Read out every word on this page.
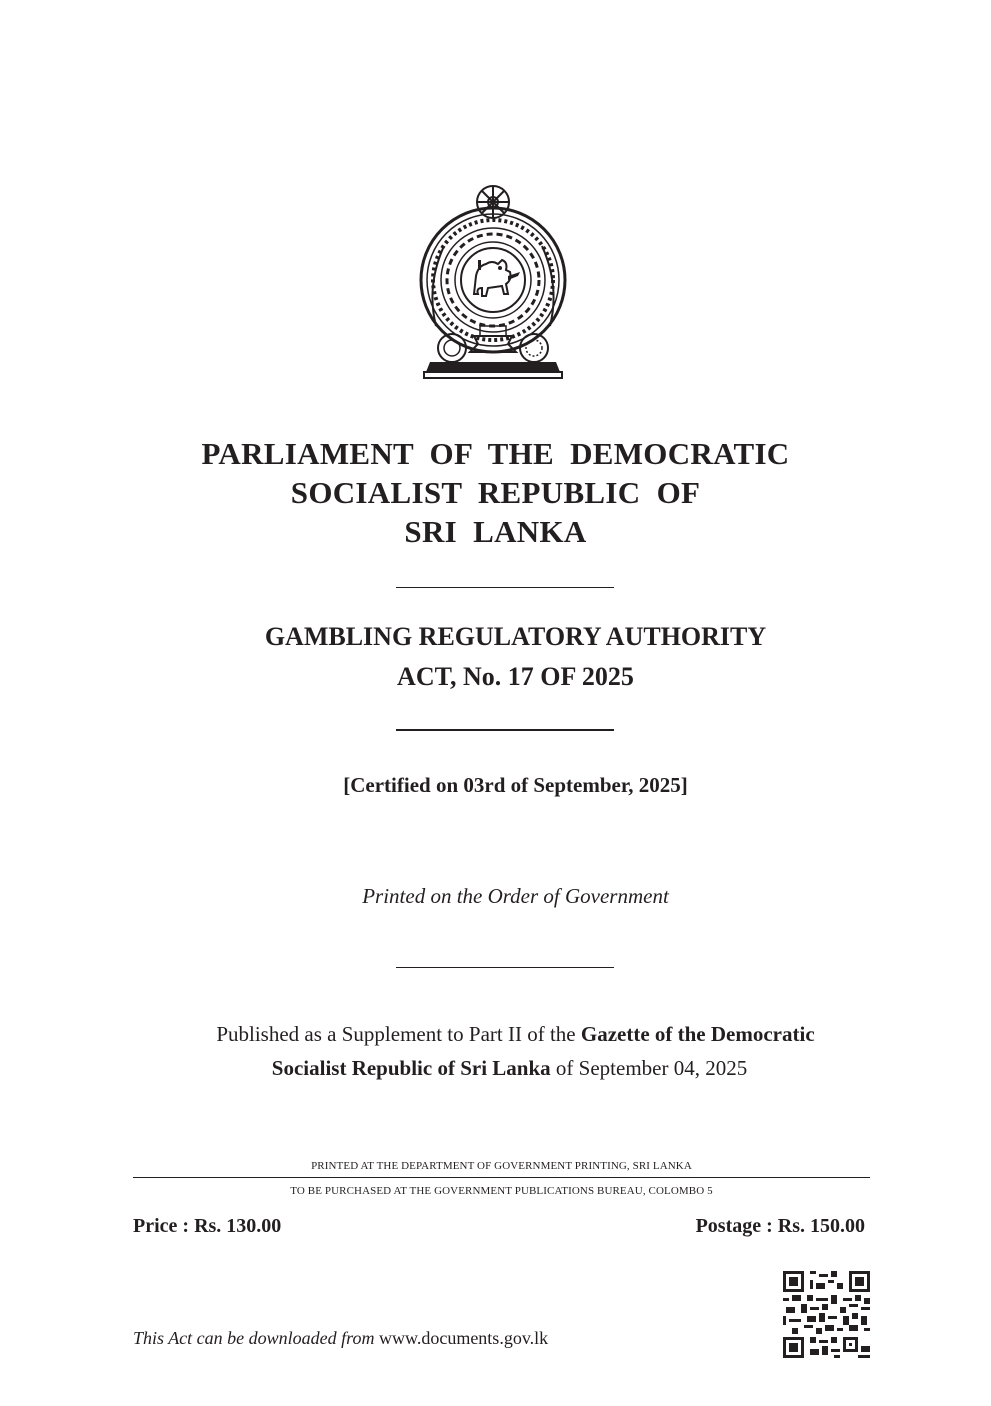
PARLIAMENT  OF  THE  DEMOCRATIC
SOCIALIST  REPUBLIC  OF
SRI  LANKA
GAMBLING REGULATORY AUTHORITY
ACT, No. 17 OF 2025
[Certified on 03rd of September, 2025]
Printed on the Order of Government
Published as a Supplement to Part II of the Gazette of the Democratic
Socialist Republic of Sri Lanka of September 04, 2025
PRINTED AT THE DEPARTMENT OF GOVERNMENT PRINTING, SRI LANKA
TO BE PURCHASED AT THE GOVERNMENT PUBLICATIONS BUREAU, COLOMBO 5
Price : Rs. 130.00	Postage : Rs. 150.00
This Act can be downloaded from www.documents.gov.lk
